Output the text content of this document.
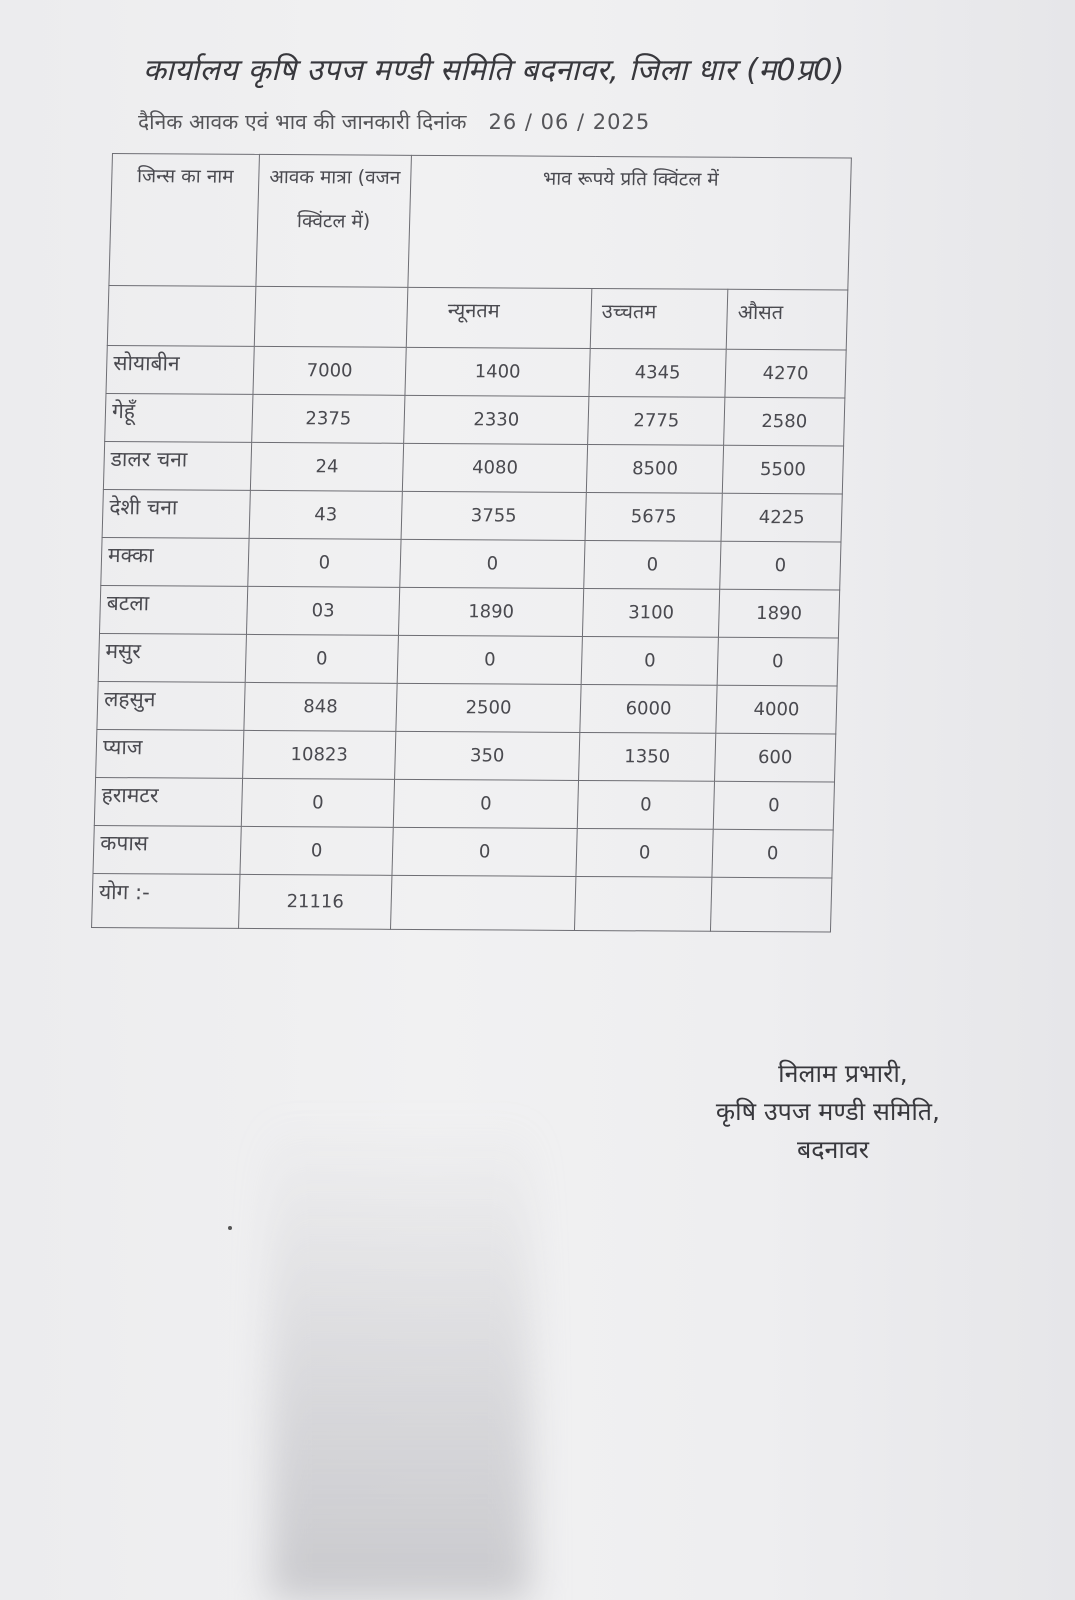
कार्यालय कृषि उपज मण्डी समिति बदनावर, जिला धार (म0प्र0)
दैनिक आवक एवं भाव की जानकारी दिनांक 26 / 06 / 2025
जिन्स का नाम	आवक मात्रा (वजन क्विंटल में)	भाव रूपये प्रति क्विंटल में		
		न्यूनतम	उच्चतम	औसत
सोयाबीन	7000	1400	4345	4270
गेहूँ	2375	2330	2775	2580
डालर चना	24	4080	8500	5500
देशी चना	43	3755	5675	4225
मक्का	0	0	0	0
बटला	03	1890	3100	1890
मसुर	0	0	0	0
लहसुन	848	2500	6000	4000
प्याज	10823	350	1350	600
हरामटर	0	0	0	0
कपास	0	0	0	0
योग :-	21116			
निलाम प्रभारी,
कृषि उपज मण्डी समिति,
बदनावर
